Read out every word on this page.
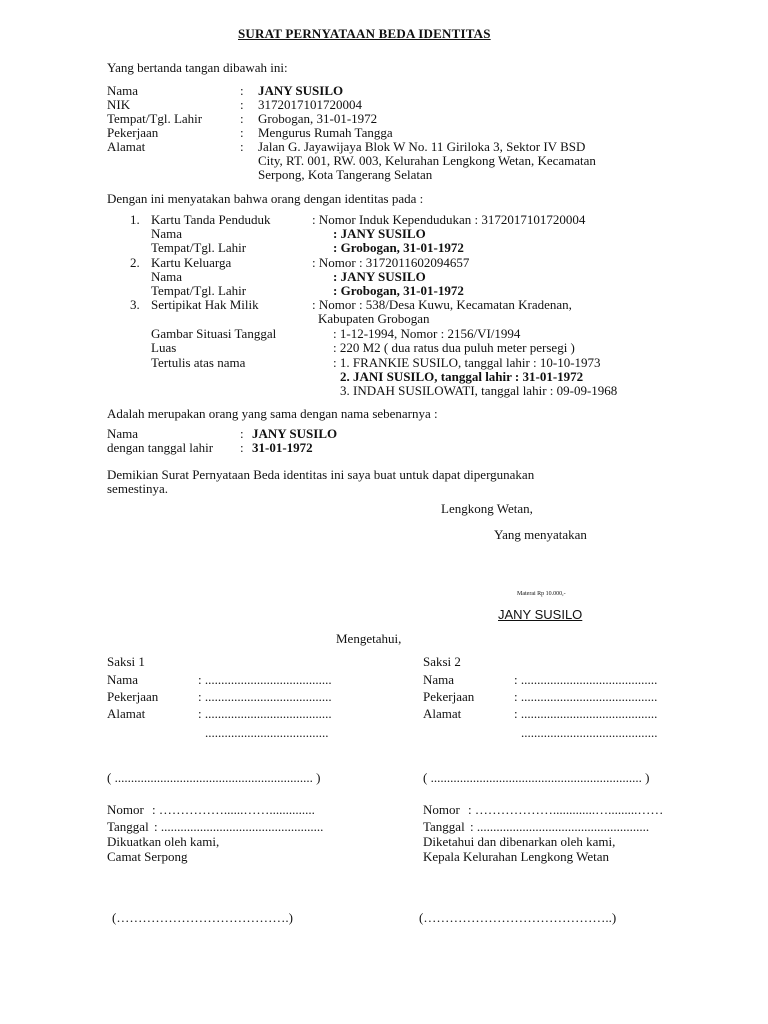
SURAT PERNYATAAN BEDA IDENTITAS
Yang bertanda tangan dibawah ini:
Nama	: JANY SUSILO
NIK	: 3172017101720004
Tempat/Tgl. Lahir	: Grobogan, 31-01-1972
Pekerjaan	: Mengurus Rumah Tangga
Alamat	: Jalan G. Jayawijaya Blok W No. 11 Giriloka 3, Sektor IV BSD
City, RT. 001, RW. 003, Kelurahan Lengkong Wetan, Kecamatan
Serpong, Kota Tangerang Selatan
Dengan ini menyatakan bahwa orang dengan identitas pada :
1. Kartu Tanda Penduduk	: Nomor Induk Kependudukan : 3172017101720004
Nama	: JANY SUSILO
Tempat/Tgl. Lahir	: Grobogan, 31-01-1972
2. Kartu Keluarga	: Nomor : 3172011602094657
Nama	: JANY SUSILO
Tempat/Tgl. Lahir	: Grobogan, 31-01-1972
3. Sertipikat Hak Milik	: Nomor : 538/Desa Kuwu, Kecamatan Kradenan,
Kabupaten Grobogan
Gambar Situasi Tanggal	: 1-12-1994, Nomor : 2156/VI/1994
Luas	: 220 M2 ( dua ratus dua puluh meter persegi )
Tertulis atas nama	: 1. FRANKIE SUSILO, tanggal lahir : 10-10-1973
2. JANI SUSILO, tanggal lahir : 31-01-1972
3. INDAH SUSILOWATI, tanggal lahir : 09-09-1968
Adalah merupakan orang yang sama dengan nama sebenarnya :
Nama	: JANY SUSILO
dengan tanggal lahir : 31-01-1972
Demikian Surat Pernyataan Beda identitas ini saya buat untuk dapat dipergunakan
semestinya.
Lengkong Wetan,
Yang menyatakan
Materai Rp 10.000,-
JANY SUSILO
Mengetahui,
Saksi 1
Nama	: .......................................
Pekerjaan	: .......................................
Alamat	: .......................................
......................................
( ............................................................. )
Nomor : ……………......……..............
Tanggal : ..................................................
Dikuatkan oleh kami,
Camat Serpong
(………………………………….)
Saksi 2
Nama	: ..........................................
Pekerjaan	: ..........................................
Alamat	: ..........................................
..........................................
( ................................................................. )
Nomor : ……………….............….........……
Tanggal : .....................................................
Diketahui dan dibenarkan oleh kami,
Kepala Kelurahan Lengkong Wetan
(……………………………………..)
